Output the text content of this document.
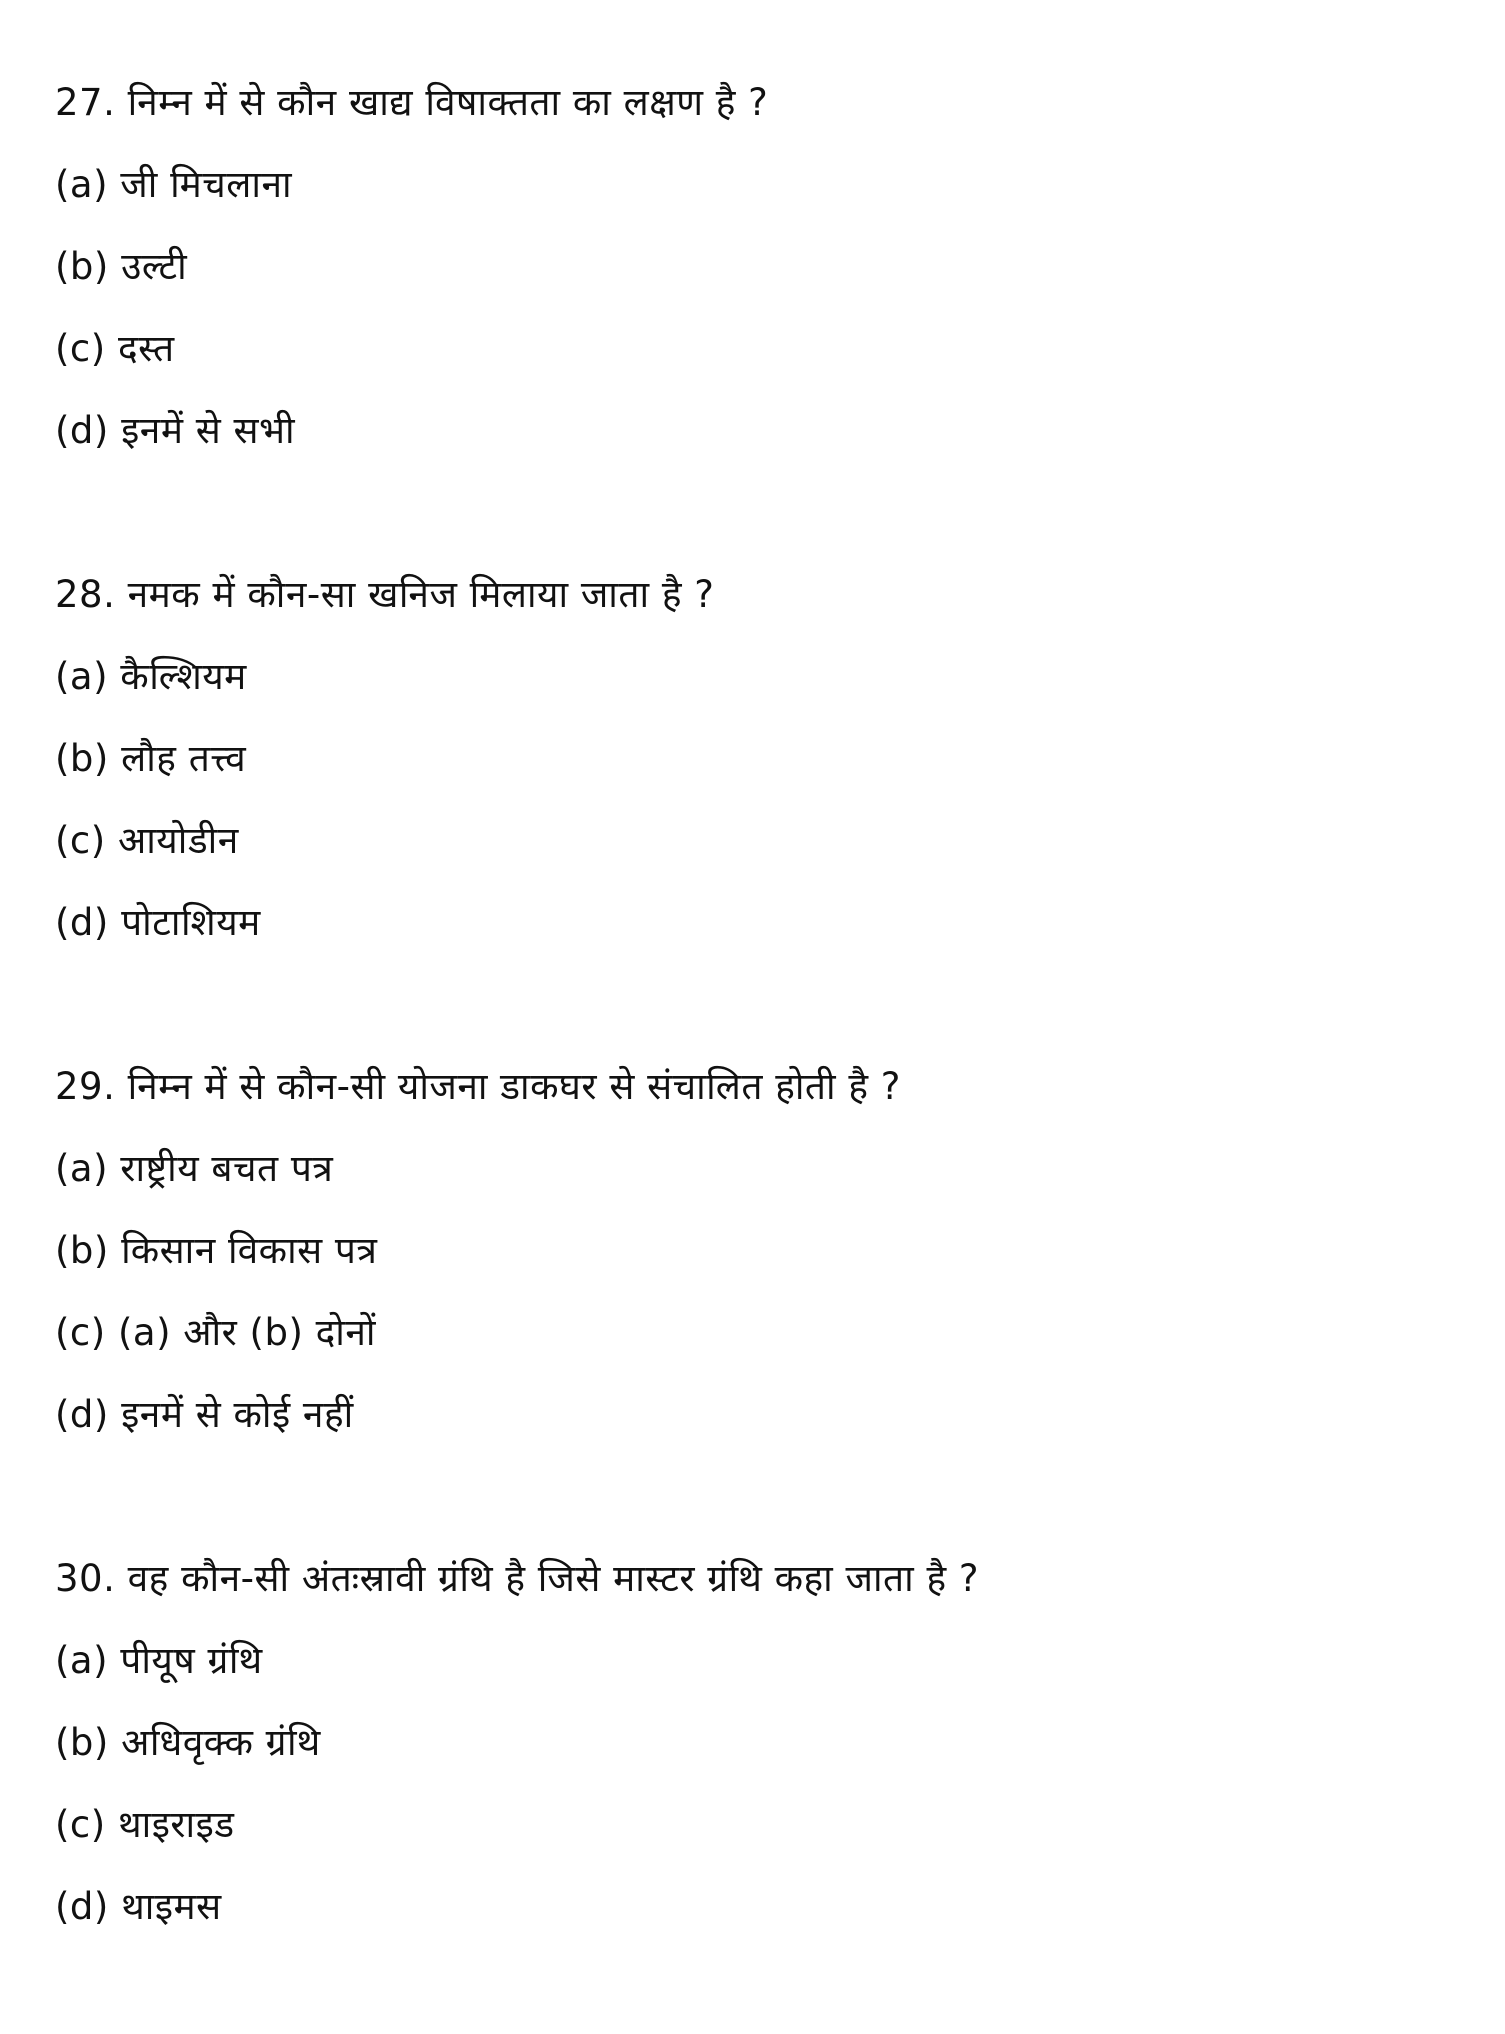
27. निम्न में से कौन खाद्य विषाक्तता का लक्षण है ?
(a) जी मिचलाना
(b) उल्टी
(c) दस्त
(d) इनमें से सभी
28. नमक में कौन-सा खनिज मिलाया जाता है ?
(a) कैल्शियम
(b) लौह तत्त्व
(c) आयोडीन
(d) पोटाशियम
29. निम्न में से कौन-सी योजना डाकघर से संचालित होती है ?
(a) राष्ट्रीय बचत पत्र
(b) किसान विकास पत्र
(c) (a) और (b) दोनों
(d) इनमें से कोई नहीं
30. वह कौन-सी अंतःस्रावी ग्रंथि है जिसे मास्टर ग्रंथि कहा जाता है ?
(a) पीयूष ग्रंथि
(b) अधिवृक्क ग्रंथि
(c) थाइराइड
(d) थाइमस
